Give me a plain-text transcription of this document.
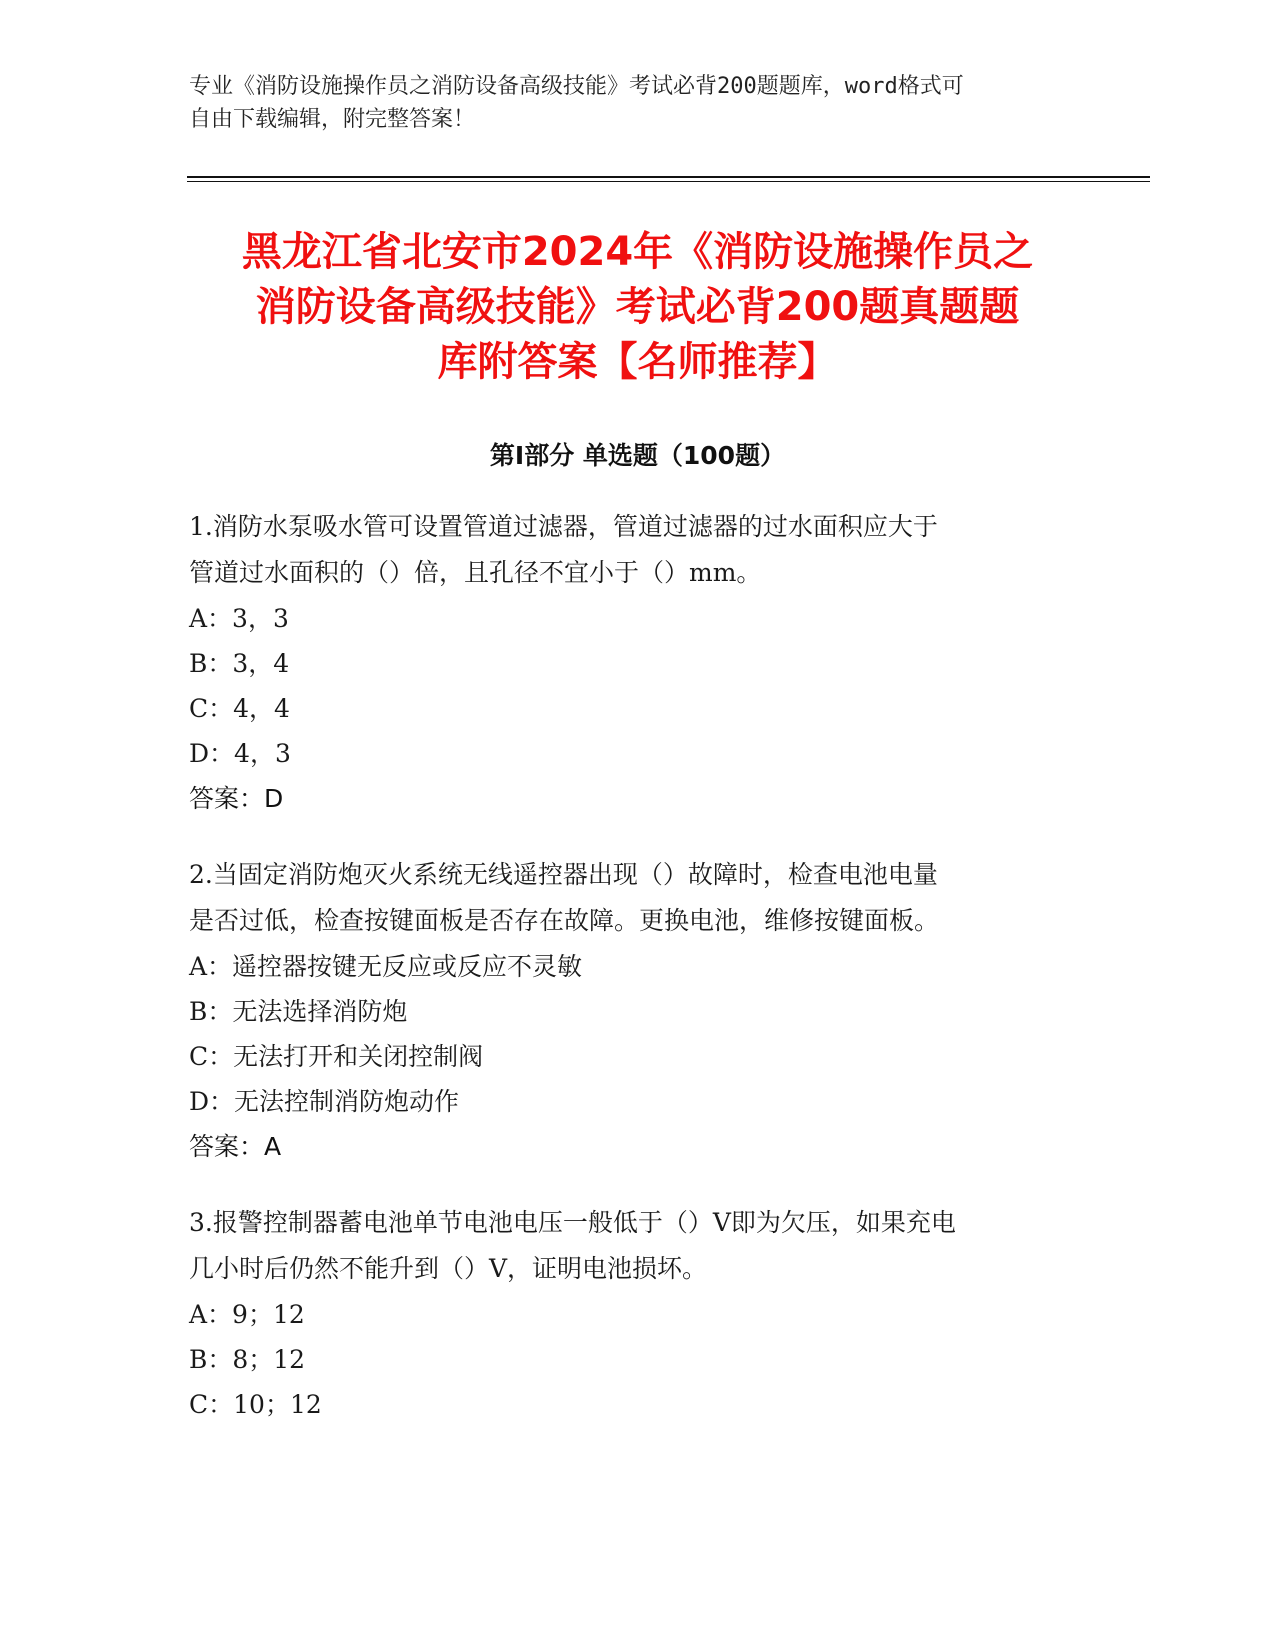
专业《消防设施操作员之消防设备高级技能》考试必背200题题库，word格式可
自由下载编辑，附完整答案！
黑龙江省北安市2024年《消防设施操作员之
消防设备高级技能》考试必背200题真题题
库附答案【名师推荐】
第I部分 单选题（100题）
1.消防水泵吸水管可设置管道过滤器，管道过滤器的过水面积应大于
管道过水面积的（）倍，且孔径不宜小于（）mm。
A：3，3
B：3，4
C：4，4
D：4，3
答案：D
2.当固定消防炮灭火系统无线遥控器出现（）故障时，检查电池电量
是否过低，检查按键面板是否存在故障。更换电池，维修按键面板。
A：遥控器按键无反应或反应不灵敏
B：无法选择消防炮
C：无法打开和关闭控制阀
D：无法控制消防炮动作
答案：A
3.报警控制器蓄电池单节电池电压一般低于（）V即为欠压，如果充电
几小时后仍然不能升到（）V，证明电池损坏。
A：9；12
B：8；12
C：10；12
